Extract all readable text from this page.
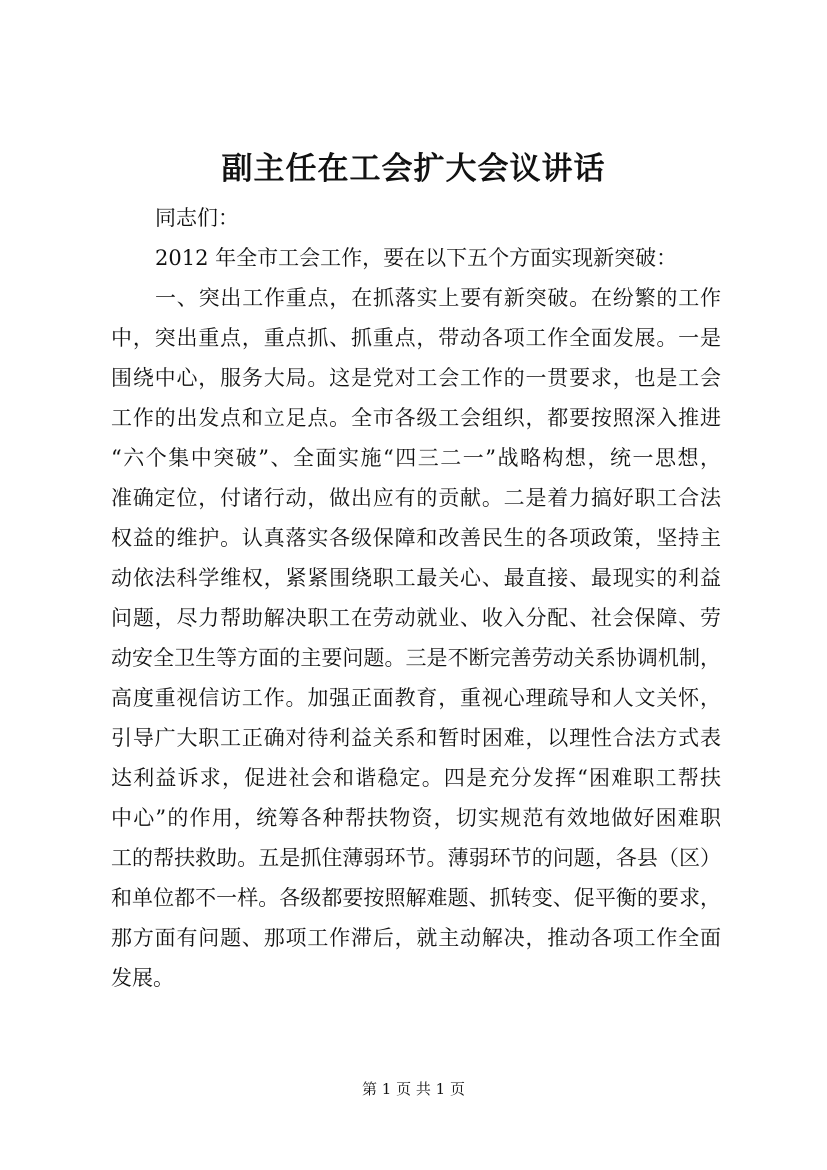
副主任在工会扩大会议讲话

同志们：

2012 年全市工会工作，要在以下五个方面实现新突破：

一、突出工作重点，在抓落实上要有新突破。在纷繁的工作

中，突出重点，重点抓、抓重点，带动各项工作全面发展。一是

围绕中心，服务大局。这是党对工会工作的一贯要求，也是工会

工作的出发点和立足点。全市各级工会组织，都要按照深入推进

“六个集中突破”、全面实施“四三二一”战略构想，统一思想，

准确定位，付诸行动，做出应有的贡献。二是着力搞好职工合法

权益的维护。认真落实各级保障和改善民生的各项政策，坚持主

动依法科学维权，紧紧围绕职工最关心、最直接、最现实的利益

问题，尽力帮助解决职工在劳动就业、收入分配、社会保障、劳

动安全卫生等方面的主要问题。三是不断完善劳动关系协调机制，

高度重视信访工作。加强正面教育，重视心理疏导和人文关怀，

引导广大职工正确对待利益关系和暂时困难，以理性合法方式表

达利益诉求，促进社会和谐稳定。四是充分发挥“困难职工帮扶

中心”的作用，统筹各种帮扶物资，切实规范有效地做好困难职

工的帮扶救助。五是抓住薄弱环节。薄弱环节的问题，各县（区）

和单位都不一样。各级都要按照解难题、抓转变、促平衡的要求，

那方面有问题、那项工作滞后，就主动解决，推动各项工作全面

发展。

第 1 页 共 1 页
